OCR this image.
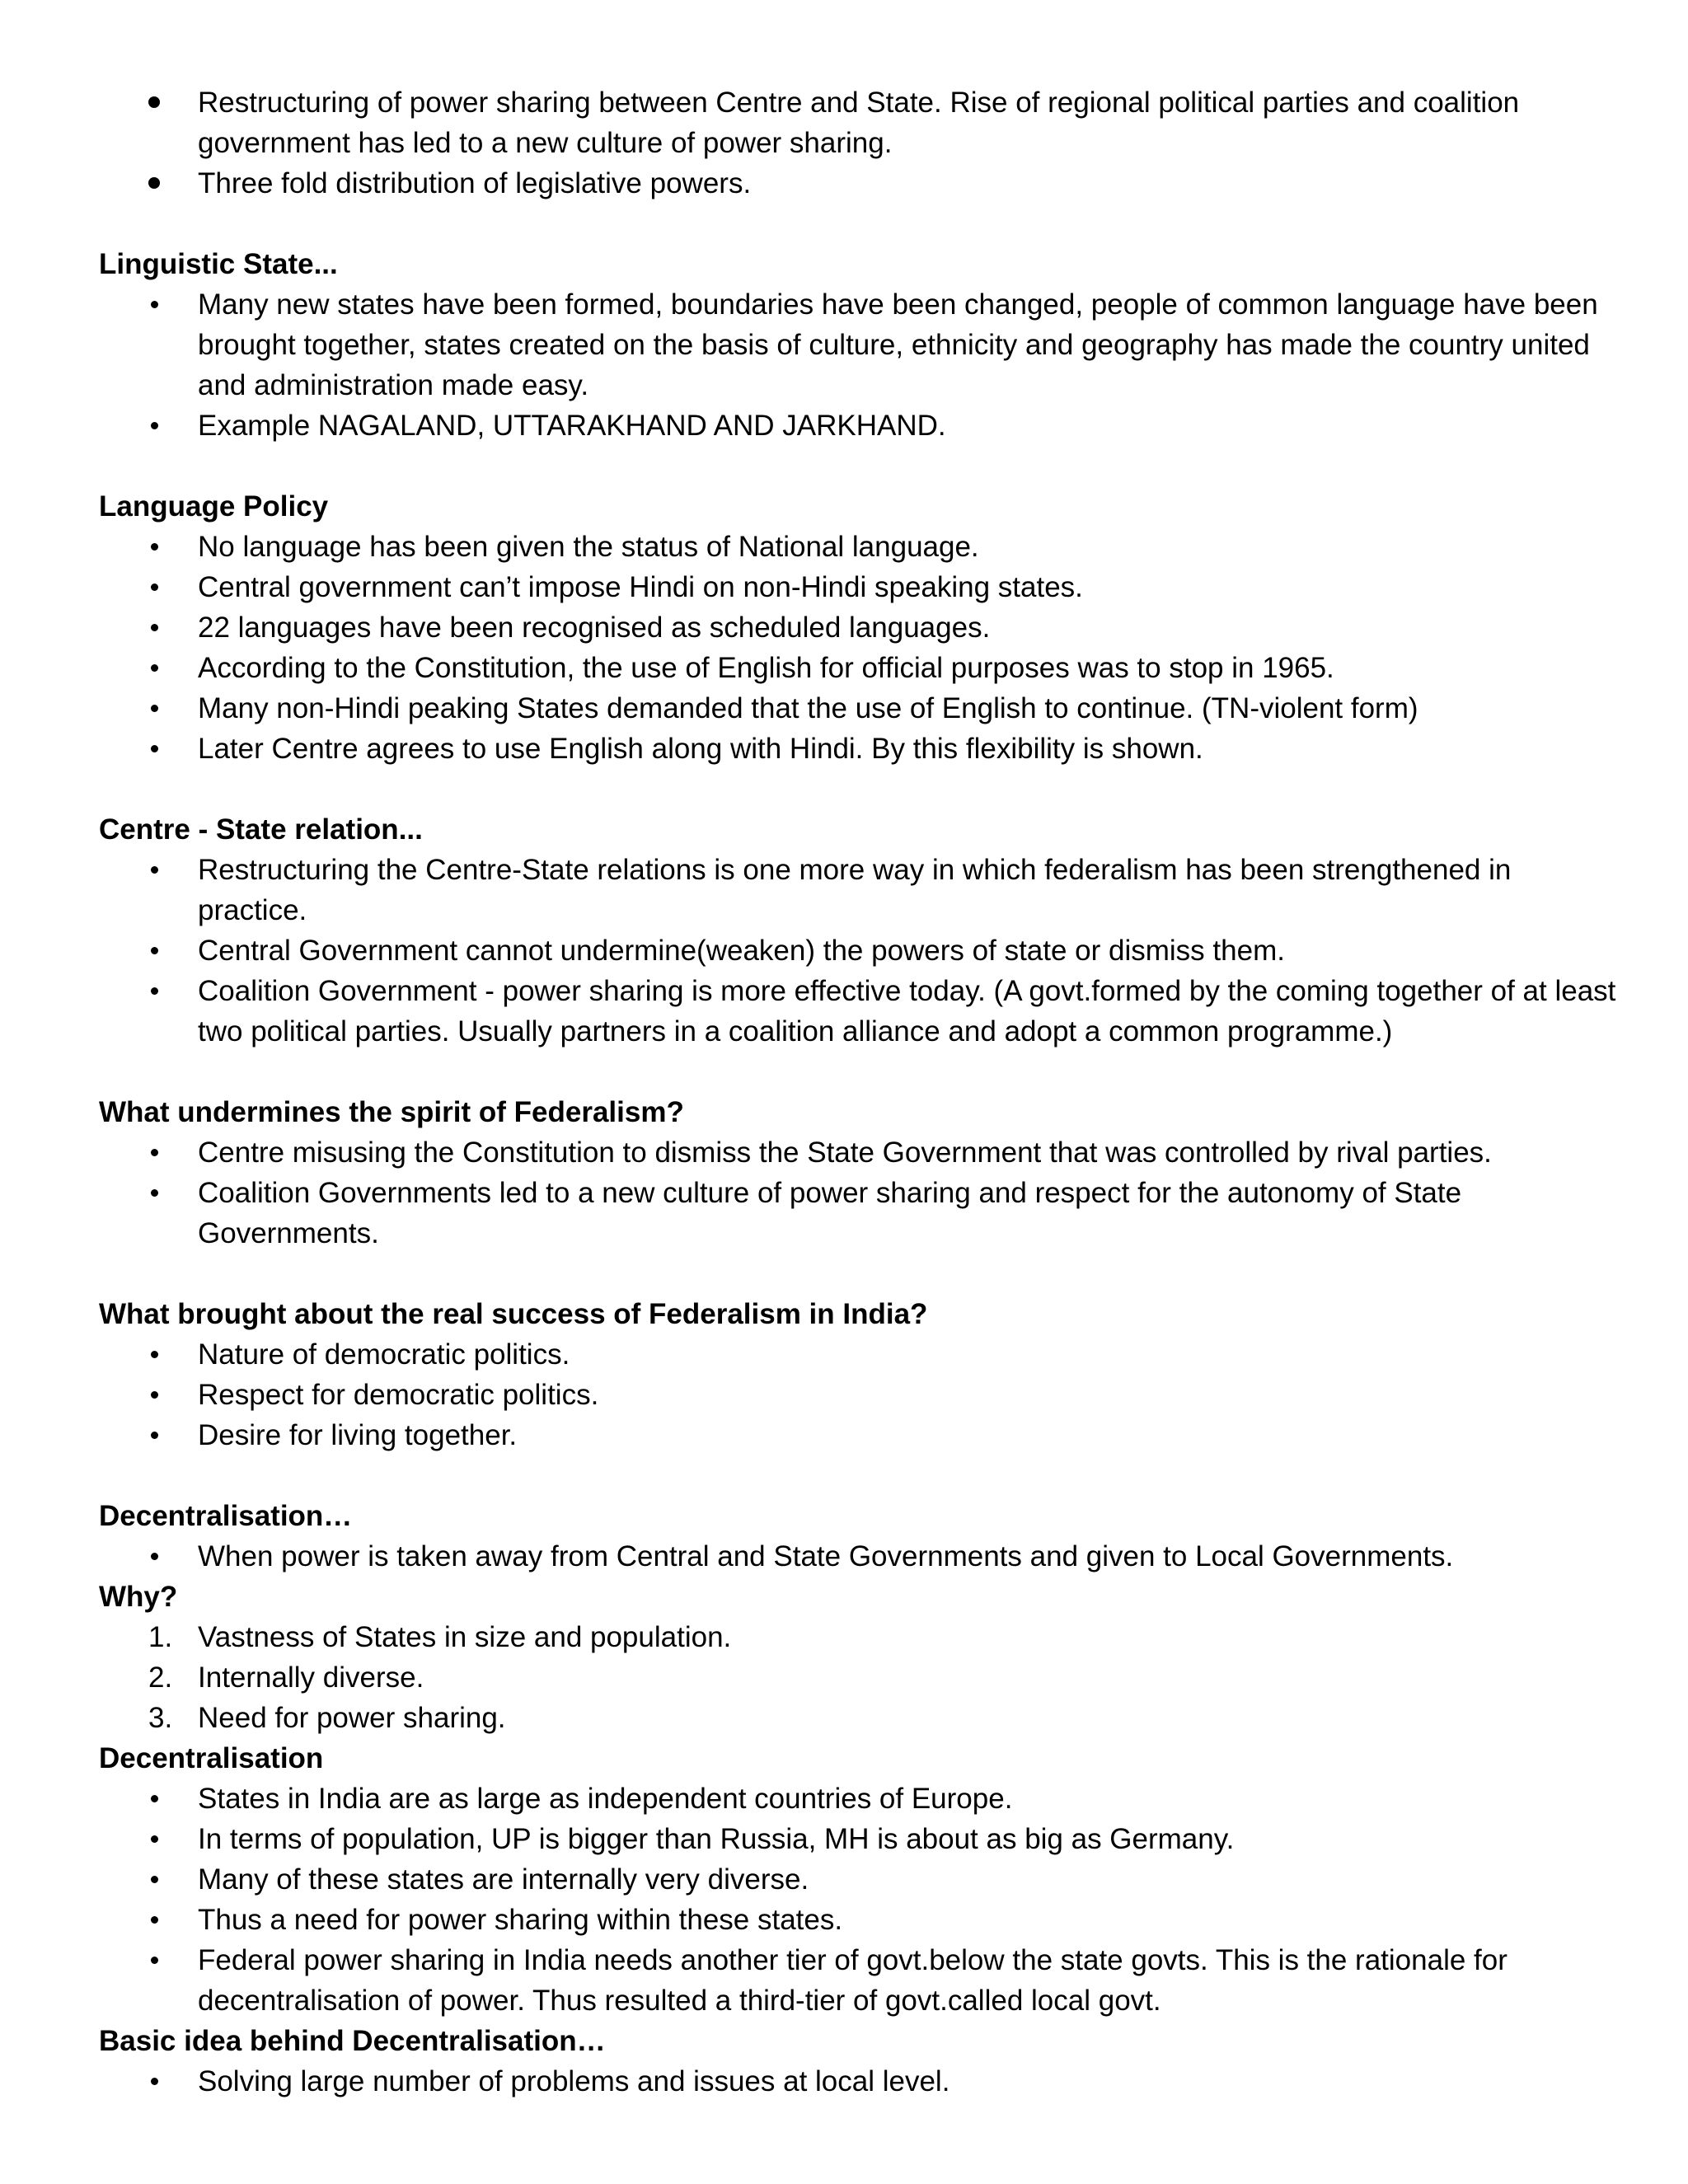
Restructuring of power sharing between Centre and State. Rise of regional political parties and coalition government has led to a new culture of power sharing.
Three fold distribution of legislative powers.

Linguistic State...

Many new states have been formed, boundaries have been changed, people of common language have been brought together, states created on the basis of culture, ethnicity and geography has made the country united and administration made easy.
Example NAGALAND, UTTARAKHAND AND JARKHAND.

Language Policy

No language has been given the status of National language.
Central government can’t impose Hindi on non-Hindi speaking states.
22 languages have been recognised as scheduled languages.
According to the Constitution, the use of English for official purposes was to stop in 1965.
Many non-Hindi peaking States demanded that the use of English to continue. (TN-violent form)
Later Centre agrees to use English along with Hindi. By this flexibility is shown.

Centre - State relation...

Restructuring the Centre-State relations is one more way in which federalism has been strengthened in practice.
Central Government cannot undermine(weaken) the powers of state or dismiss them.
Coalition Government - power sharing is more effective today. (A govt.formed by the coming together of at least two political parties. Usually partners in a coalition alliance and adopt a common programme.)

What undermines the spirit of Federalism?

Centre misusing the Constitution to dismiss the State Government that was controlled by rival parties.
Coalition Governments led to a new culture of power sharing and respect for the autonomy of State Governments.

What brought about the real success of Federalism in India?

Nature of democratic politics.
Respect for democratic politics.
Desire for living together.

Decentralisation…

When power is taken away from Central and State Governments and given to Local Governments.

Why?

1. Vastness of States in size and population.
2. Internally diverse.
3. Need for power sharing.

Decentralisation

States in India are as large as independent countries of Europe.
In terms of population, UP is bigger than Russia, MH is about as big as Germany.
Many of these states are internally very diverse.
Thus a need for power sharing within these states.
Federal power sharing in India needs another tier of govt.below the state govts. This is the rationale for decentralisation of power. Thus resulted a third-tier of govt.called local govt.

Basic idea behind Decentralisation…

Solving large number of problems and issues at local level.
